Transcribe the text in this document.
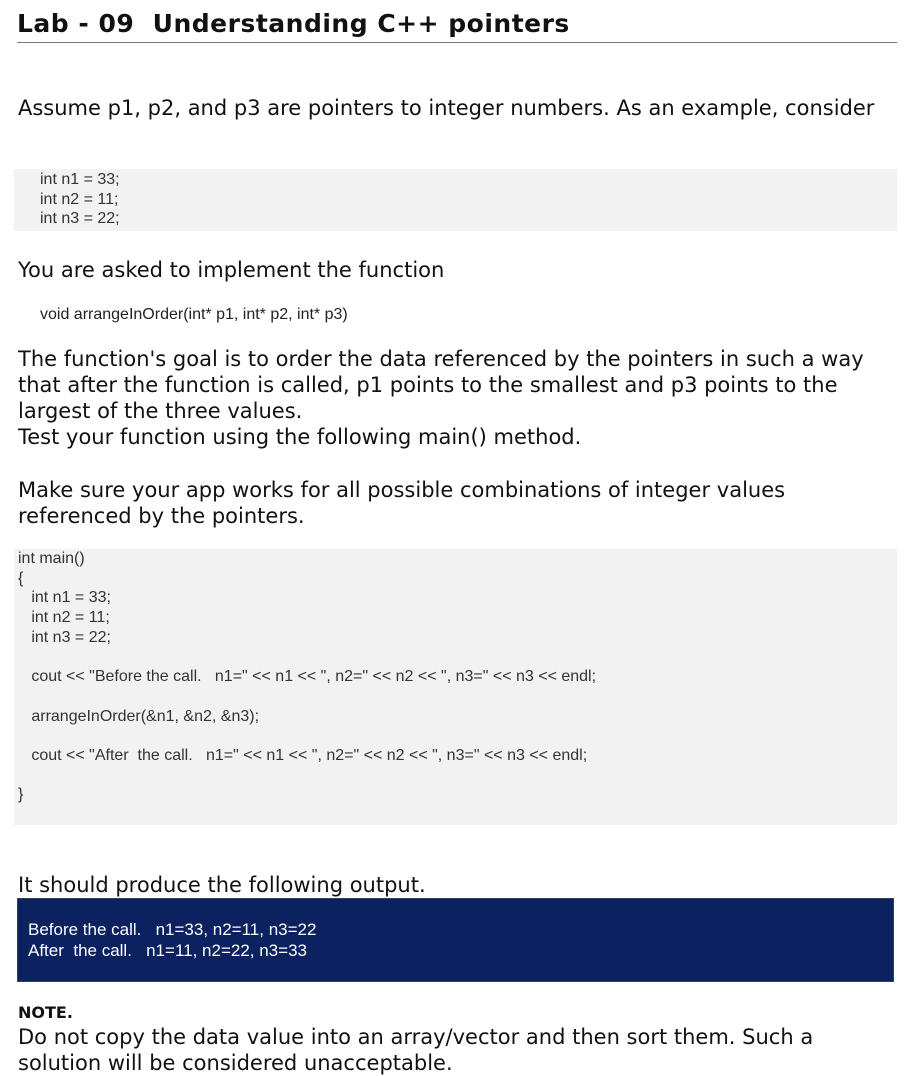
Lab - 09  Understanding C++ pointers
Assume p1, p2, and p3 are pointers to integer numbers. As an example, consider
int n1 = 33;
int n2 = 11;
int n3 = 22;
You are asked to implement the function
void arrangeInOrder(int* p1, int* p2, int* p3)
The function's goal is to order the data referenced by the pointers in such a way that after the function is called, p1 points to the smallest and p3 points to the largest of the three values.
Test your function using the following main() method.
Make sure your app works for all possible combinations of integer values referenced by the pointers.
int main()
{
int n1 = 33;
int n2 = 11;
int n3 = 22;
cout << "Before the call.   n1=" << n1 << ", n2=" << n2 << ", n3=" << n3 << endl;
arrangeInOrder(&n1, &n2, &n3);
cout << "After  the call.   n1=" << n1 << ", n2=" << n2 << ", n3=" << n3 << endl;
}
It should produce the following output.
Before the call.   n1=33, n2=11, n3=22
After  the call.   n1=11, n2=22, n3=33
NOTE.
Do not copy the data value into an array/vector and then sort them. Such a solution will be considered unacceptable.
